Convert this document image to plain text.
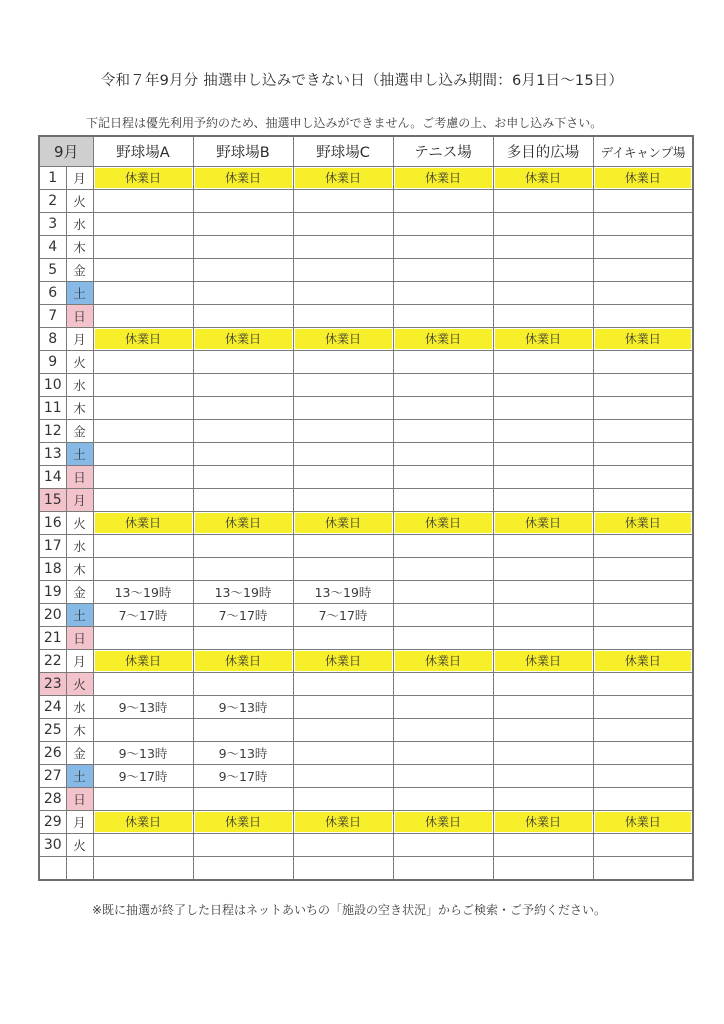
令和７年9月分 抽選申し込みできない日（抽選申し込み期間：6月1日～15日）
下記日程は優先利用予約のため、抽選申し込みができません。ご考慮の上、お申し込み下さい。
9月		野球場A	野球場B	野球場C	テニス場	多目的広場	デイキャンプ場
1	月	休業日	休業日	休業日	休業日	休業日	休業日

2	火						
3	水						
4	木						
5	金						
6	土						
7	日						
8	月	休業日	休業日	休業日	休業日	休業日	休業日

9	火						
10	水						
11	木						
12	金						
13	土						
14	日						
15	月						
16	火	休業日	休業日	休業日	休業日	休業日	休業日

17	水						
18	木						
19	金	13～19時	13～19時	13～19時			
20	土	7～17時	7～17時	7～17時			
21	日						
22	月	休業日	休業日	休業日	休業日	休業日	休業日

23	火						
24	水	9～13時	9～13時				
25	木						
26	金	9～13時	9～13時				
27	土	9～17時	9～17時				
28	日						
29	月	休業日	休業日	休業日	休業日	休業日	休業日

30	火						

※既に抽選が終了した日程はネットあいちの「施設の空き状況」からご検索・ご予約ください。
